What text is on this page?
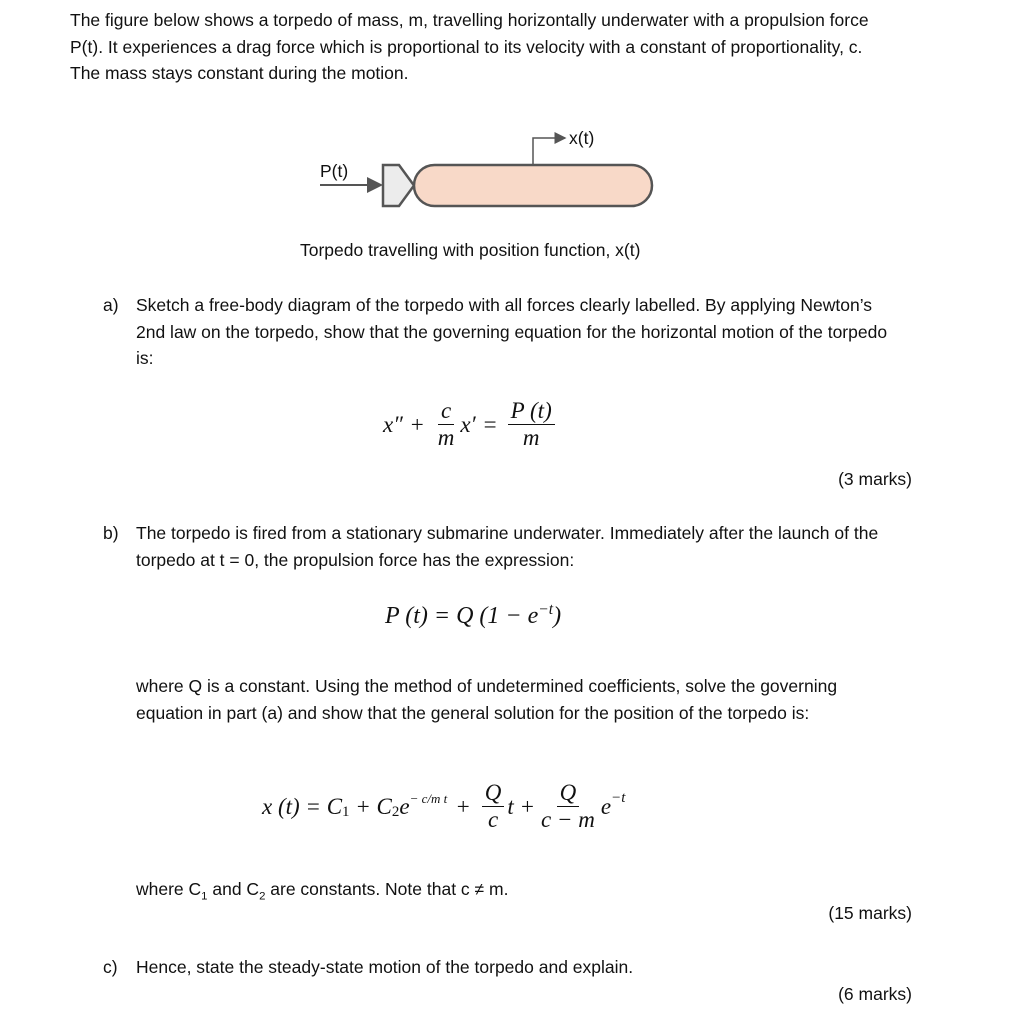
The figure below shows a torpedo of mass, m, travelling horizontally underwater with a propulsion force P(t). It experiences a drag force which is proportional to its velocity with a constant of proportionality, c. The mass stays constant during the motion.
P(t)
x(t)
Torpedo travelling with position function, x(t)
a) Sketch a free-body diagram of the torpedo with all forces clearly labelled. By applying Newton’s 2nd law on the torpedo, show that the governing equation for the horizontal motion of the torpedo is:
$x'' + \frac{c}{m} x' = \frac{P (t)}{m}$
(3 marks)
b) The torpedo is fired from a stationary submarine underwater. Immediately after the launch of the torpedo at t = 0, the propulsion force has the expression:
P (t) = Q ($1 - e^{-t}$ )
where Q is a constant. Using the method of undetermined coefficients, solve the governing equation in part (a) and show that the general solution for the position of the torpedo is:
x $(t) = C_1 + C_2$ $e^{- c/m t} + \frac{Q}{c}$ $t + \frac{Q}{c - m} e^{-t}$
where $C_1$ and $C_2$ are constants. Note that c ≠ m.
(15 marks)
c) Hence, state the steady-state motion of the torpedo and explain.
(6 marks)
